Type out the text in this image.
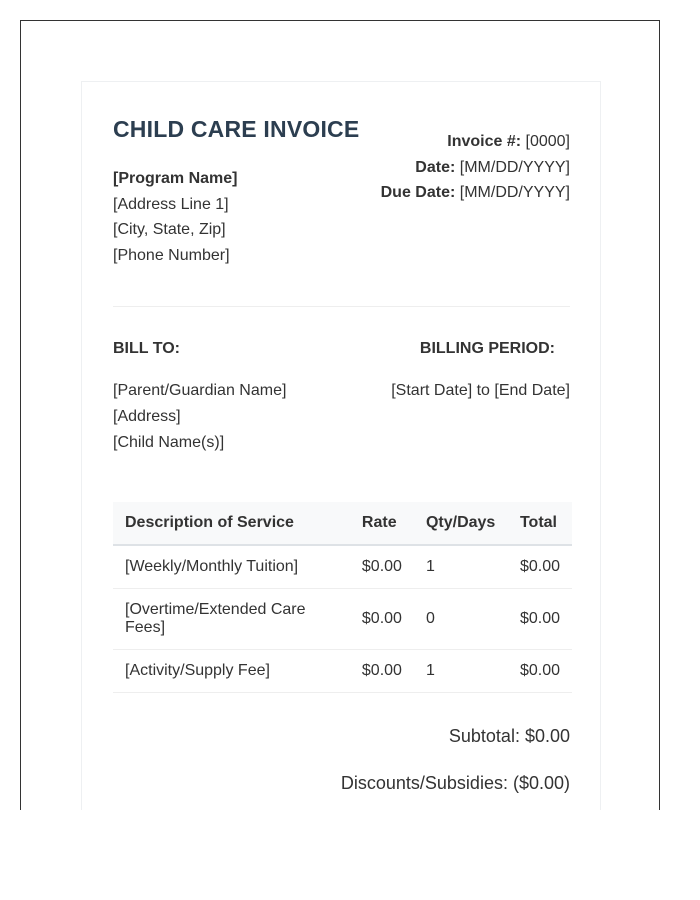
CHILD CARE INVOICE	Invoice #: [0000]
Date: [MM/DD/YYYY]
Due Date: [MM/DD/YYYY]
[Program Name]
[Address Line 1]
[City, State, Zip]
[Phone Number]
BILL TO:	BILLING PERIOD:
[Parent/Guardian Name]
[Address]
[Child Name(s)]
[Start Date] to [End Date]
Description of Service	Rate	Qty/Days	Total
[Weekly/Monthly Tuition]	$0.00	1	$0.00
[Overtime/Extended Care Fees]	$0.00	0	$0.00
[Activity/Supply Fee]	$0.00	1	$0.00
Subtotal: $0.00
Discounts/Subsidies: ($0.00)
